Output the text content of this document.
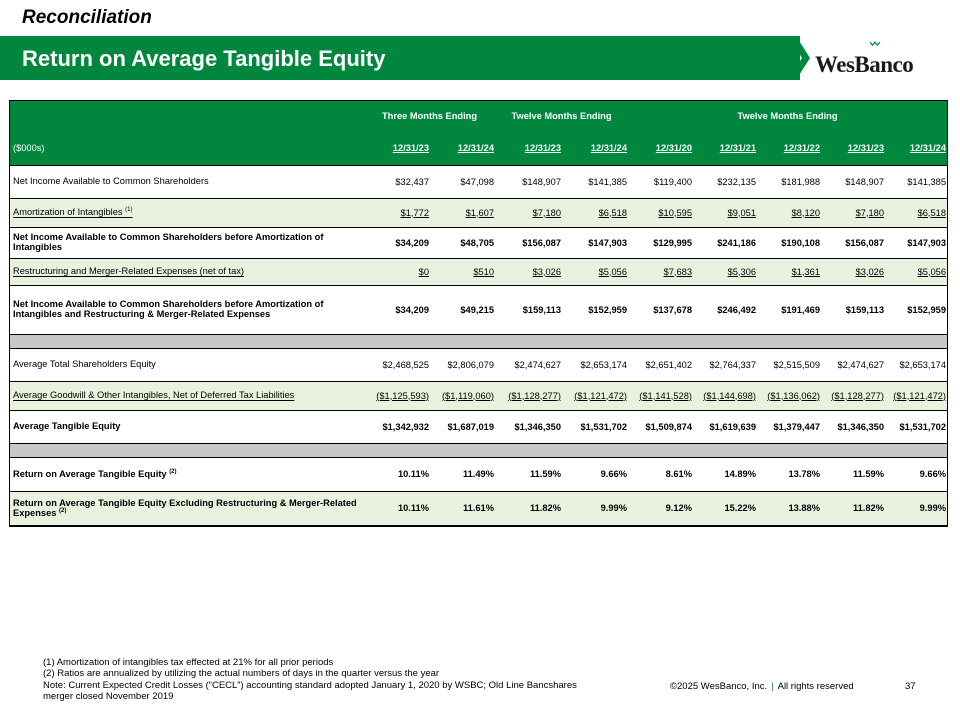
Reconciliation
Return on Average Tangible Equity	WesBanco
	Three Months Ending		Twelve Months Ending		Twelve Months Ending				
($000s)	12/31/23	12/31/24	12/31/23	12/31/24	12/31/20	12/31/21	12/31/22	12/31/23	12/31/24
Net Income Available to Common Shareholders	$32,437	$47,098	$148,907	$141,385	$119,400	$232,135	$181,988	$148,907	$141,385
Amortization of Intangibles $^{(1)}$	$1,772	$1,607	$7,180	$6,518	$10,595	$9,051	$8,120	$7,180	$6,518
Net Income Available to Common Shareholders before Amortization of Intangibles	$34,209	$48,705	$156,087	$147,903	$129,995	$241,186	$190,108	$156,087	$147,903
Restructuring and Merger-Related Expenses (net of tax)	$0	$510	$3,026	$5,056	$7,683	$5,306	$1,361	$3,026	$5,056
Net Income Available to Common Shareholders before Amortization of Intangibles and Restructuring & Merger-Related Expenses	$34,209	$49,215	$159,113	$152,959	$137,678	$246,492	$191,469	$159,113	$152,959

Average Total Shareholders Equity	$2,468,525	$2,806,079	$2,474,627	$2,653,174	$2,651,402	$2,764,337	$2,515,509	$2,474,627	$2,653,174
Average Goodwill & Other Intangibles, Net of Deferred Tax Liabilities	($1,125,593)	($1,119,060)	($1,128,277)	($1,121,472)	($1,141,528)	($1,144,698)	($1,136,062)	($1,128,277)	($1,121,472)
Average Tangible Equity	$1,342,932	$1,687,019	$1,346,350	$1,531,702	$1,509,874	$1,619,639	$1,379,447	$1,346,350	$1,531,702

Return on Average Tangible Equity $^{(2)}$	10.11%	11.49%	11.59%	9.66%	8.61%	14.89%	13.78%	11.59%	9.66%
Return on Average Tangible Equity Excluding Restructuring & Merger-Related Expenses $^{(2)}$	10.11%	11.61%	11.82%	9.99%	9.12%	15.22%	13.88%	11.82%	9.99%
(1) Amortization of intangibles tax effected at 21% for all prior periods
(2) Ratios are annualized by utilizing the actual numbers of days in the quarter versus the year
Note: Current Expected Credit Losses (“CECL”) accounting standard adopted January 1, 2020 by WSBC; Old Line Bancshares
merger closed November 2019
©2025 WesBanco, Inc. | All rights reserved	37
